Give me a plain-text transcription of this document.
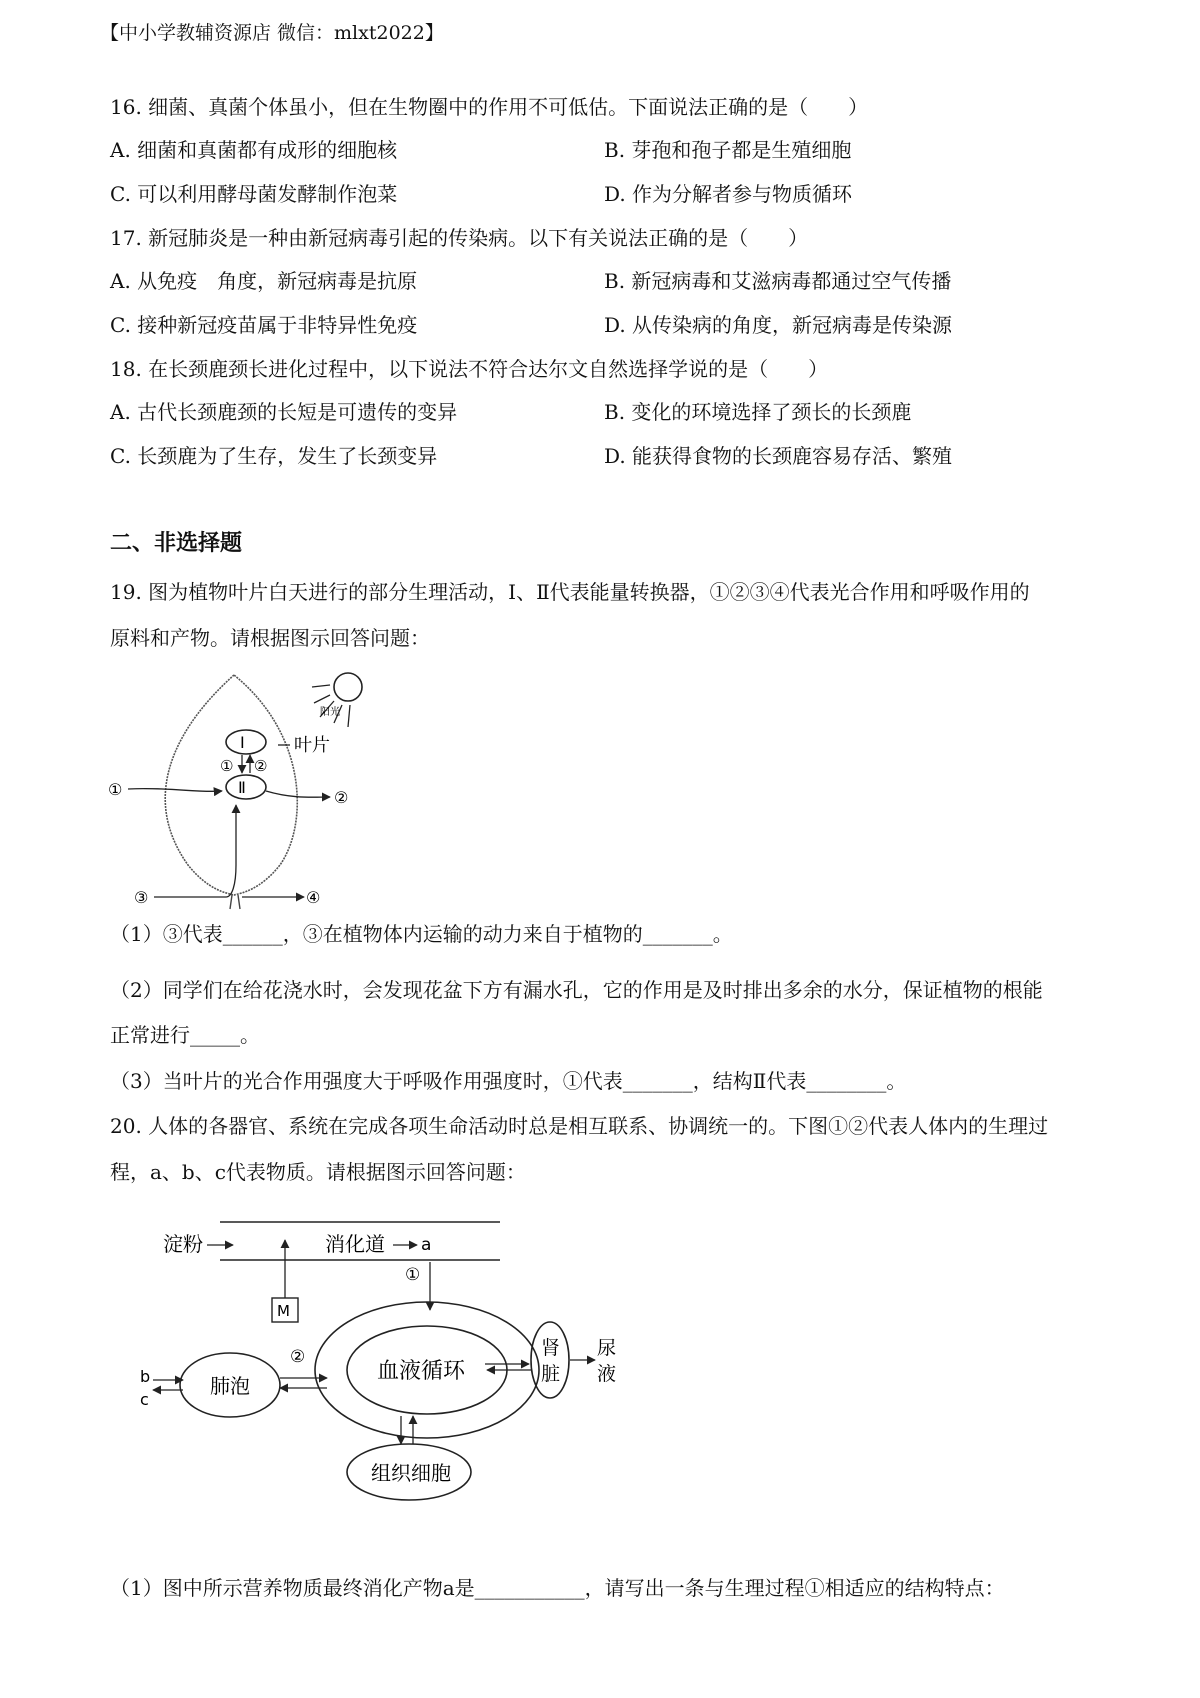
【中小学教辅资源店 微信：mlxt2022】
16. 细菌、真菌个体虽小，但在生物圈中的作用不可低估。下面说法正确的是（　　）
A. 细菌和真菌都有成形的细胞核	B. 芽孢和孢子都是生殖细胞
C. 可以利用酵母菌发酵制作泡菜	D. 作为分解者参与物质循环
17. 新冠肺炎是一种由新冠病毒引起的传染病。以下有关说法正确的是（　　）
A. 从免疫　角度，新冠病毒是抗原	B. 新冠病毒和艾滋病毒都通过空气传播
C. 接种新冠疫苗属于非特异性免疫	D. 从传染病的角度，新冠病毒是传染源
18. 在长颈鹿颈长进化过程中，以下说法不符合达尔文自然选择学说的是（　　）
A. 古代长颈鹿颈的长短是可遗传的变异	B. 变化的环境选择了颈长的长颈鹿
C. 长颈鹿为了生存，发生了长颈变异	D. 能获得食物的长颈鹿容易存活、繁殖
二、非选择题
19. 图为植物叶片白天进行的部分生理活动，Ⅰ、Ⅱ代表能量转换器，①②③④代表光合作用和呼吸作用的
原料和产物。请根据图示回答问题：
阳光
Ⅰ
Ⅱ
① ②
叶片
①	②
③	④
（1）③代表______，③在植物体内运输的动力来自于植物的_______。
（2）同学们在给花浇水时，会发现花盆下方有漏水孔，它的作用是及时排出多余的水分，保证植物的根能
正常进行_____。
（3）当叶片的光合作用强度大于呼吸作用强度时，①代表_______，结构Ⅱ代表________。
20. 人体的各器官、系统在完成各项生命活动时总是相互联系、协调统一的。下图①②代表人体内的生理过
程，a、b、c代表物质。请根据图示回答问题：
淀粉	消化道 a
M
①
血液循环
肾
脏
尿
液
肺泡
b
c
②
组织细胞
（1）图中所示营养物质最终消化产物a是___________，请写出一条与生理过程①相适应的结构特点：
